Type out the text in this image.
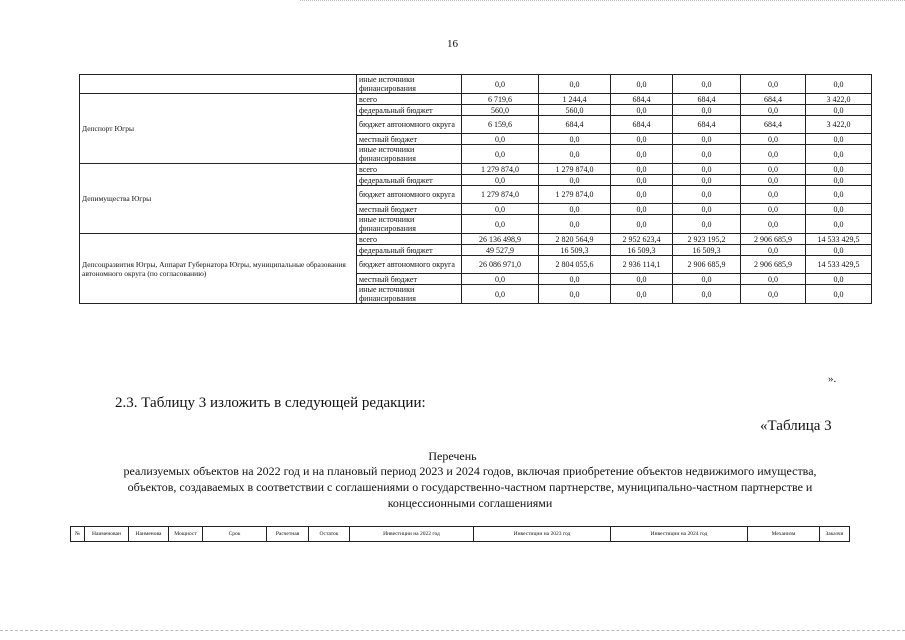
16
	иные источники финансирования	0,0	0,0	0,0	0,0	0,0	0,0
Депспорт Югры	всего	6 719,6	1 244,4	684,4	684,4	684,4	3 422,0
	федеральный бюджет	560,0	560,0	0,0	0,0	0,0	0,0
	бюджет автономного округа	6 159,6	684,4	684,4	684,4	684,4	3 422,0
	местный бюджет	0,0	0,0	0,0	0,0	0,0	0,0
	иные источники финансирования	0,0	0,0	0,0	0,0	0,0	0,0
Депимущества Югры	всего	1 279 874,0	1 279 874,0	0,0	0,0	0,0	0,0
	федеральный бюджет	0,0	0,0	0,0	0,0	0,0	0,0
	бюджет автономного округа	1 279 874,0	1 279 874,0	0,0	0,0	0,0	0,0
	местный бюджет	0,0	0,0	0,0	0,0	0,0	0,0
	иные источники финансирования	0,0	0,0	0,0	0,0	0,0	0,0
Депсоцразвития Югры, Аппарат Губернатора Югры, муниципальные образования автономного округа (по согласованию)	всего	26 136 498,9	2 820 564,9	2 952 623,4	2 923 195,2	2 906 685,9	14 533 429,5
	федеральный бюджет	49 527,9	16 509,3	16 509,3	16 509,3	0,0	0,0
	бюджет автономного округа	26 086 971,0	2 804 055,6	2 936 114,1	2 906 685,9	2 906 685,9	14 533 429,5
	местный бюджет	0,0	0,0	0,0	0,0	0,0	0,0
	иные источники финансирования	0,0	0,0	0,0	0,0	0,0	0,0
».
2.3. Таблицу 3 изложить в следующей редакции:
«Таблица 3
Перечень
реализуемых объектов на 2022 год и на плановый период 2023 и 2024 годов, включая приобретение объектов недвижимого имущества, объектов, создаваемых в соответствии с соглашениями о государственно-частном партнерстве, муниципально-частном партнерстве и концессионными соглашениями
№	Наименован	Наименова	Мощност	Срок	Расчетная	Остаток	Инвестиции на 2022 год	Инвестиции на 2023 год	Инвестиции на 2024 год	Механизм	Заказчи
